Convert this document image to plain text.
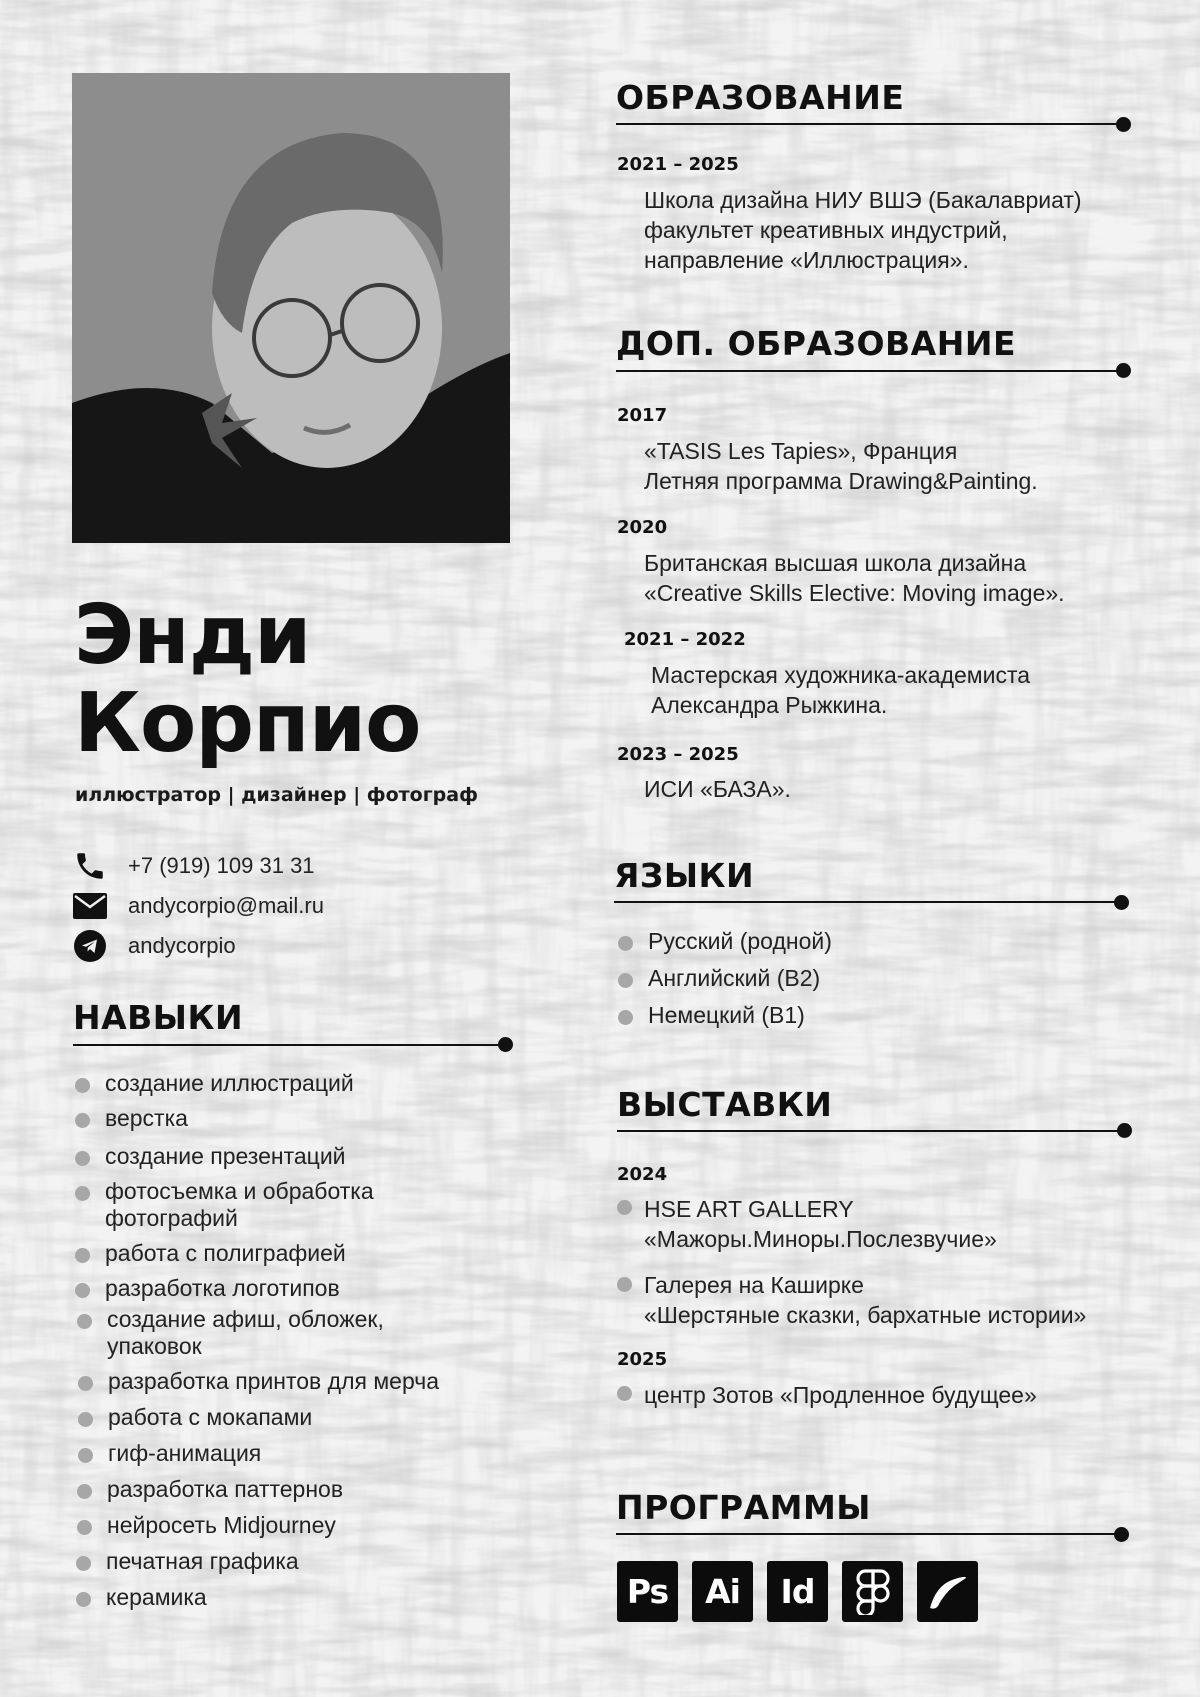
Энди
Корпио
иллюстратор | дизайнер | фотограф
+7 (919) 109 31 31
andycorpio@mail.ru
andycorpio
НАВЫКИ
создание иллюстраций
верстка
создание презентаций
фотосъемка и обработка
фотографий
работа с полиграфией
разработка логотипов
создание афиш, обложек,
упаковок
разработка принтов для мерча
работа с мокапами
гиф-анимация
разработка паттернов
нейросеть Midjourney
печатная графика
керамика
ОБРАЗОВАНИЕ
2021 – 2025
Школа дизайна НИУ ВШЭ (Бакалавриат)
факультет креативных индустрий,
направление «Иллюстрация».
ДОП. ОБРАЗОВАНИЕ
2017
«TASIS Les Tapies», Франция
Летняя программа Drawing&Painting.
2020
Британская высшая школа дизайна
«Creative Skills Elective: Moving image».
2021 – 2022
Мастерская художника-академиста
Александра Рыжкина.
2023 – 2025
ИСИ «БАЗА».
ЯЗЫКИ
Русский (родной)
Английский (B2)
Немецкий (B1)
ВЫСТАВКИ
2024
HSE ART GALLERY
«Мажоры.Миноры.Послезвучие»
Галерея на Каширке
«Шерстяные сказки, бархатные истории»
2025
центр Зотов «Продленное будущее»
ПРОГРАММЫ
Ps	Ai	Id
